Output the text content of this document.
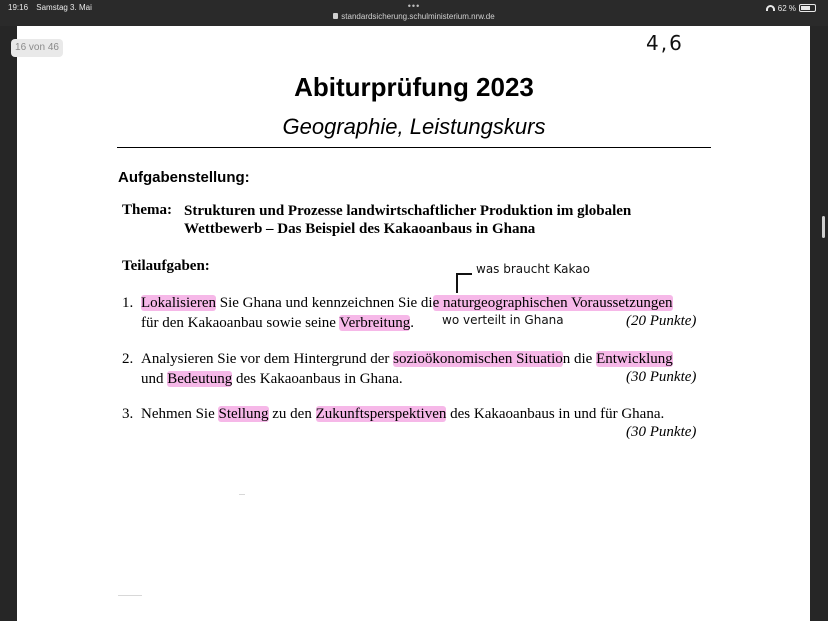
19:16 Samstag 3. Mai	•••
standardsicherung.schulministerium.nrw.de
62 %
16 von 46	4,6
Abiturprüfung 2023
Geographie, Leistungskurs
Aufgabenstellung:
Thema: Strukturen und Prozesse landwirtschaftlicher Produktion im globalen
Wettbewerb – Das Beispiel des Kakaoanbaus in Ghana
Teilaufgaben:	was braucht Kakao
1. Lokalisieren Sie Ghana und kennzeichnen Sie die naturgeographischen Voraussetzungen
für den Kakaoanbau sowie seine Verbreitung. wo verteilt in Ghana	(20 Punkte)
2. Analysieren Sie vor dem Hintergrund der sozioökonomischen Situation die Entwicklung
und Bedeutung des Kakaoanbaus in Ghana.	(30 Punkte)
3. Nehmen Sie Stellung zu den Zukunftsperspektiven des Kakaoanbaus in und für Ghana.
(30 Punkte)
